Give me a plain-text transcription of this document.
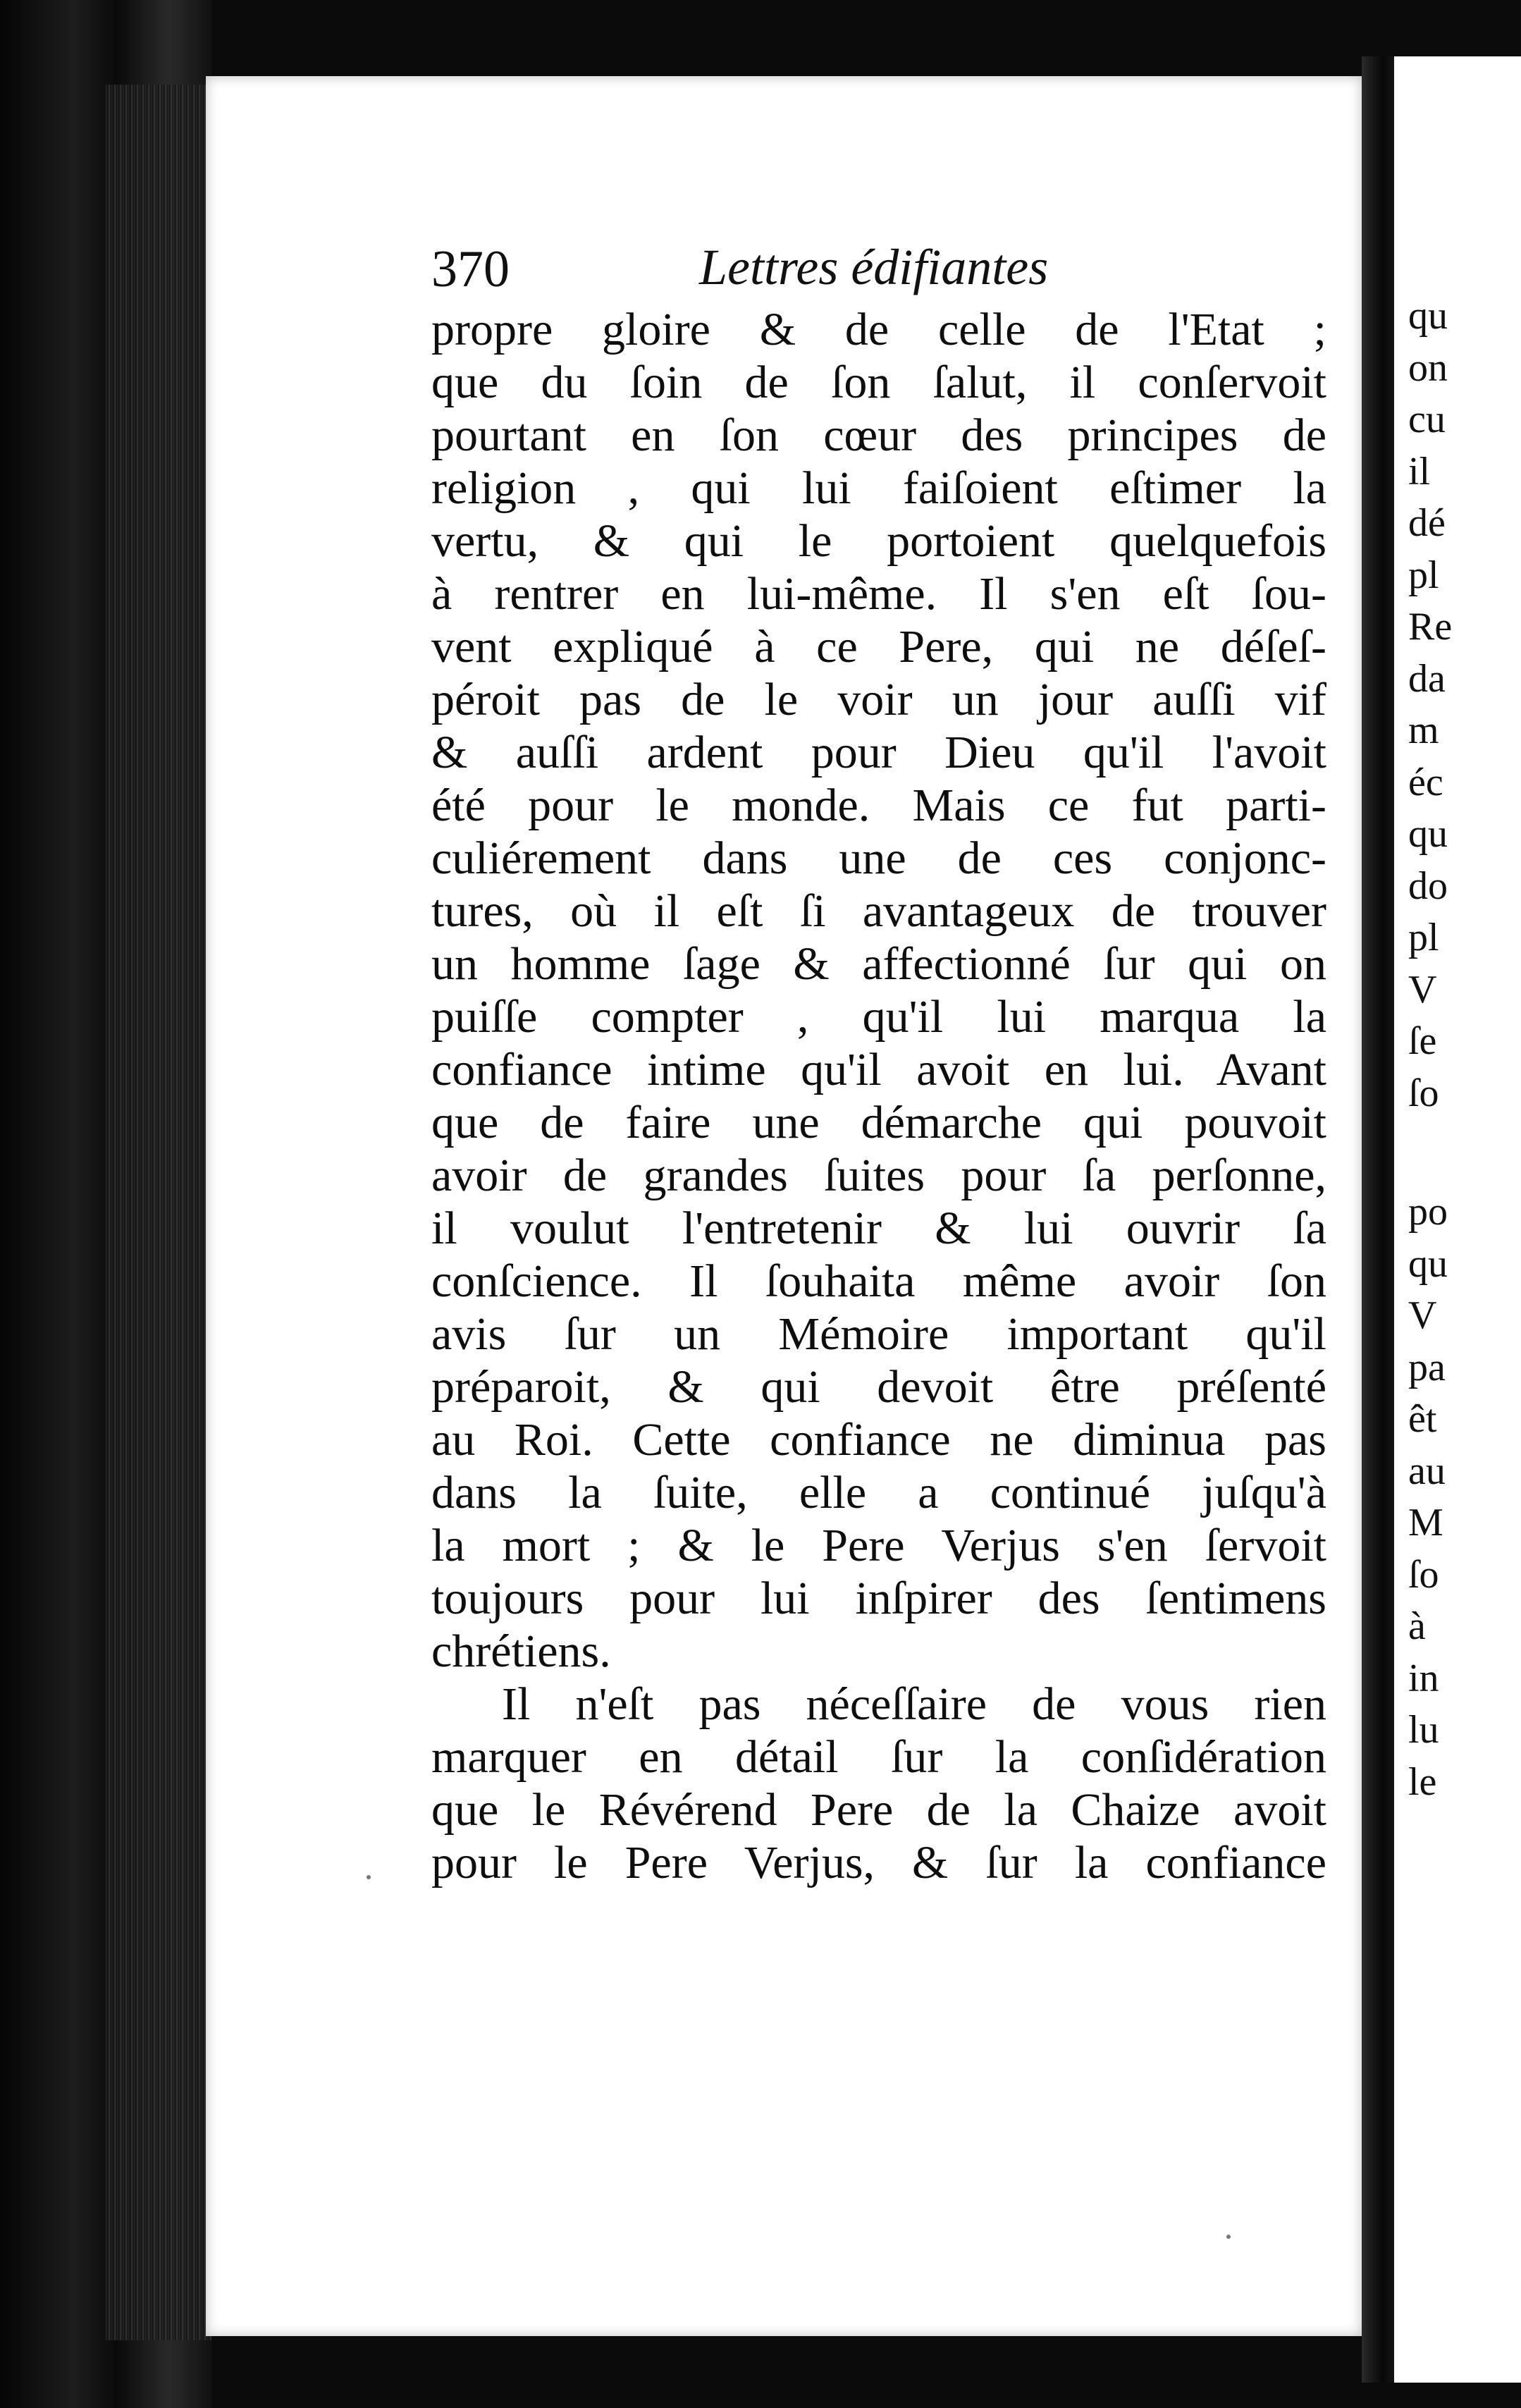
370	Lettres édifiantes
propre gloire & de celle de l'Etat ;
que du ſoin de ſon ſalut, il conſervoit
pourtant en ſon cœur des principes de
religion , qui lui faiſoient eſtimer la
vertu, & qui le portoient quelquefois
à rentrer en lui-même. Il s'en eſt ſou-
vent expliqué à ce Pere, qui ne déſeſ-
péroit pas de le voir un jour auſſi vif
& auſſi ardent pour Dieu qu'il l'avoit
été pour le monde. Mais ce fut parti-
culiérement dans une de ces conjonc-
tures, où il eſt ſi avantageux de trouver
un homme ſage & affectionné ſur qui on
puiſſe compter , qu'il lui marqua la
confiance intime qu'il avoit en lui. Avant
que de faire une démarche qui pouvoit
avoir de grandes ſuites pour ſa perſonne,
il voulut l'entretenir & lui ouvrir ſa
conſcience. Il ſouhaita même avoir ſon
avis ſur un Mémoire important qu'il
préparoit, & qui devoit être préſenté
au Roi. Cette confiance ne diminua pas
dans la ſuite, elle a continué juſqu'à
la mort ; & le Pere Verjus s'en ſervoit
toujours pour lui inſpirer des ſentimens
chrétiens.
Il n'eſt pas néceſſaire de vous rien
marquer en détail ſur la conſidération
que le Révérend Pere de la Chaize avoit
pour le Pere Verjus, & ſur la confiance
qu
on
cu
il
dé
pl
Re
da
m
éc
qu
do
pl
V
ſe
ſo
po
qu
V
pa
êt
au
M
ſo
à
in
lu
le
